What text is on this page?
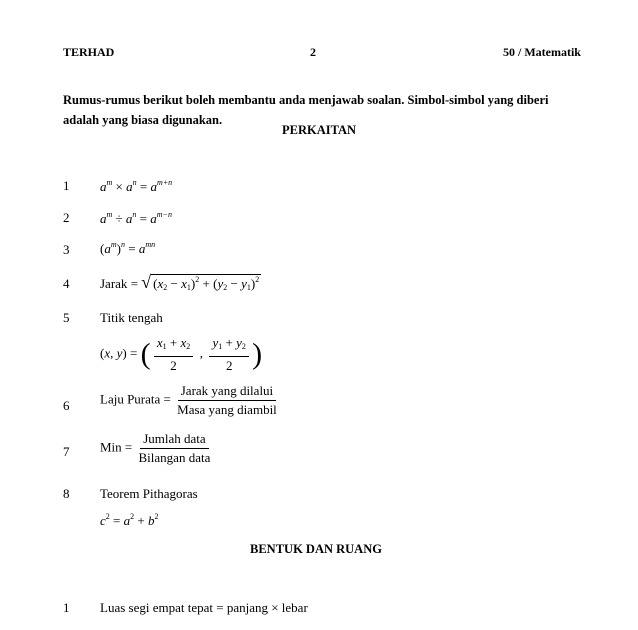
TERHAD	2	50 / Matematik
Rumus-rumus berikut boleh membantu anda menjawab soalan. Simbol-simbol yang diberi adalah yang biasa digunakan.
PERKAITAN
1 $a^m \times a^n = a^{m+n}$
2 $a^m \div a^n = a^{m-n}$
3 $(a^m)^n = a^{mn}$
4 Jarak = √ $(x_2 - x_1)^2 + (y_2 - y_1)^2$
5 Titik tengah
(x, y) = ( $\frac{x_1 + x_2}{2}$ , $\frac{y_1 + y_2}{2}$ )
6 Laju Purata = $\frac{\text{Jarak yang dilalui}}{\text{Masa yang diambil}}$
7 Min = $\frac{\text{Jumlah data}}{\text{Bilangan data}}$
8 Teorem Pithagoras
$c^2 = a^2 + b^2$
BENTUK DAN RUANG
1 Luas segi empat tepat = panjang × lebar
